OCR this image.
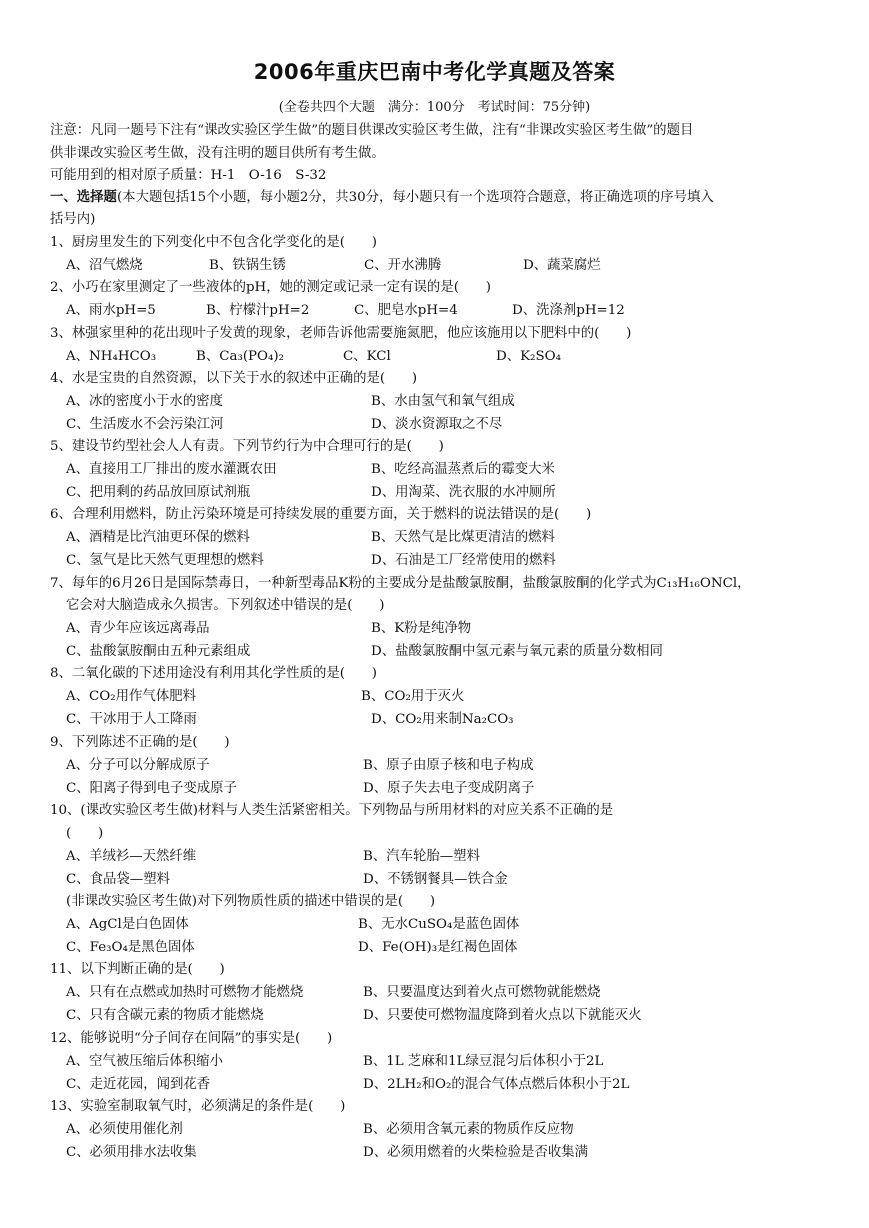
2006年重庆巴南中考化学真题及答案
(全卷共四个大题　满分：100分　考试时间：75分钟)
注意：凡同一题号下注有“课改实验区学生做”的题目供课改实验区考生做，注有“非课改实验区考生做”的题目
供非课改实验区考生做，没有注明的题目供所有考生做。
可能用到的相对原子质量：H-1　O-16　S-32
一、选择题(本大题包括15个小题，每小题2分，共30分，每小题只有一个选项符合题意，将正确选项的序号填入
括号内)
1、厨房里发生的下列变化中不包含化学变化的是(　　)
A、沼气燃烧	B、铁锅生锈	C、开水沸腾	D、蔬菜腐烂
2、小巧在家里测定了一些液体的pH，她的测定或记录一定有误的是(　　)
A、雨水pH=5	B、柠檬汁pH=2	C、肥皂水pH=4	D、洗涤剂pH=12
3、林强家里种的花出现叶子发黄的现象，老师告诉他需要施氮肥，他应该施用以下肥料中的(　　)
A、NH₄HCO₃	B、Ca₃(PO₄)₂	C、KCl	D、K₂SO₄
4、水是宝贵的自然资源，以下关于水的叙述中正确的是(　　)
A、冰的密度小于水的密度	B、水由氢气和氧气组成
C、生活废水不会污染江河	D、淡水资源取之不尽
5、建设节约型社会人人有责。下列节约行为中合理可行的是(　　)
A、直接用工厂排出的废水灌溉农田	B、吃经高温蒸煮后的霉变大米
C、把用剩的药品放回原试剂瓶	D、用淘菜、洗衣服的水冲厕所
6、合理利用燃料，防止污染环境是可持续发展的重要方面，关于燃料的说法错误的是(　　)
A、酒精是比汽油更环保的燃料	B、天然气是比煤更清洁的燃料
C、氢气是比天然气更理想的燃料	D、石油是工厂经常使用的燃料
7、每年的6月26日是国际禁毒日，一种新型毒品K粉的主要成分是盐酸氯胺酮，盐酸氯胺酮的化学式为C₁₃H₁₆ONCl，
它会对大脑造成永久损害。下列叙述中错误的是(　　)
A、青少年应该远离毒品	B、K粉是纯净物
C、盐酸氯胺酮由五种元素组成	D、盐酸氯胺酮中氢元素与氧元素的质量分数相同
8、二氧化碳的下述用途没有利用其化学性质的是(　　)
A、CO₂用作气体肥料	B、CO₂用于灭火
C、干冰用于人工降雨	D、CO₂用来制Na₂CO₃
9、下列陈述不正确的是(　　)
A、分子可以分解成原子	B、原子由原子核和电子构成
C、阳离子得到电子变成原子	D、原子失去电子变成阴离子
10、(课改实验区考生做)材料与人类生活紧密相关。下列物品与所用材料的对应关系不正确的是
(　　)
A、羊绒衫—天然纤维	B、汽车轮胎—塑料
C、食品袋—塑料	D、不锈钢餐具—铁合金
(非课改实验区考生做)对下列物质性质的描述中错误的是(　　)
A、AgCl是白色固体	B、无水CuSO₄是蓝色固体
C、Fe₃O₄是黑色固体	D、Fe(OH)₃是红褐色固体
11、以下判断正确的是(　　)
A、只有在点燃或加热时可燃物才能燃烧	B、只要温度达到着火点可燃物就能燃烧
C、只有含碳元素的物质才能燃烧	D、只要使可燃物温度降到着火点以下就能灭火
12、能够说明“分子间存在间隔”的事实是(　　)
A、空气被压缩后体积缩小	B、1L 芝麻和1L绿豆混匀后体积小于2L
C、走近花园，闻到花香	D、2LH₂和O₂的混合气体点燃后体积小于2L
13、实验室制取氧气时，必须满足的条件是(　　)
A、必须使用催化剂	B、必须用含氧元素的物质作反应物
C、必须用排水法收集	D、必须用燃着的火柴检验是否收集满
